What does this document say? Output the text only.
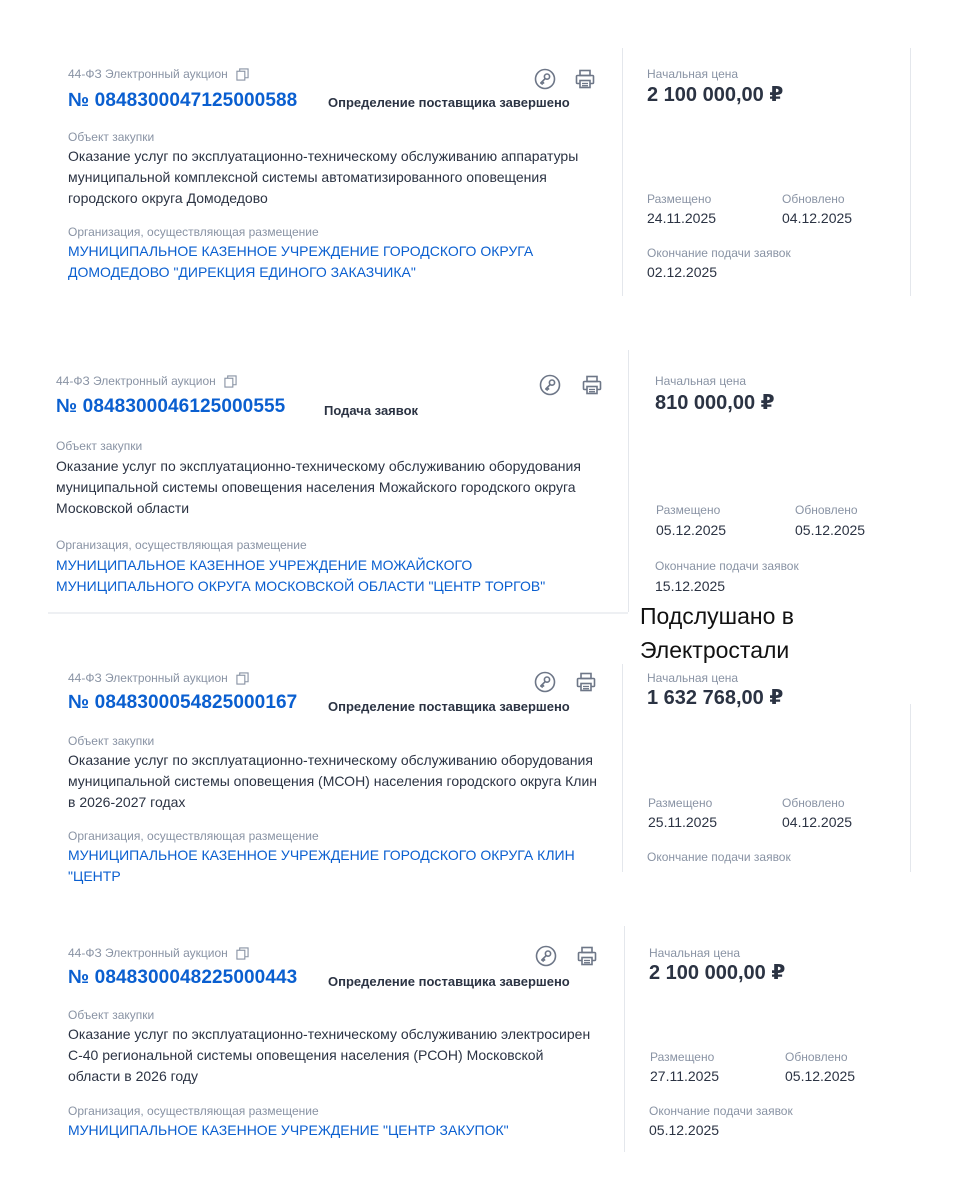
44-ФЗ Электронный аукцион
№ 0848300047125000588 Определение поставщика завершено
Объект закупки
Оказание услуг по эксплуатационно-техническому обслуживанию аппаратуры муниципальной комплексной системы автоматизированного оповещения городского округа Домодедово
Организация, осуществляющая размещение
МУНИЦИПАЛЬНОЕ КАЗЕННОЕ УЧРЕЖДЕНИЕ ГОРОДСКОГО ОКРУГА ДОМОДЕДОВО "ДИРЕКЦИЯ ЕДИНОГО ЗАКАЗЧИКА"
Начальная цена
2 100 000,00 ₽
Размещено
24.11.2025
Обновлено
04.12.2025
Окончание подачи заявок
02.12.2025
44-ФЗ Электронный аукцион
№ 0848300046125000555	Подача заявок
Объект закупки
Оказание услуг по эксплуатационно-техническому обслуживанию оборудования муниципальной системы оповещения населения Можайского городского округа Московской области
Организация, осуществляющая размещение
МУНИЦИПАЛЬНОЕ КАЗЕННОЕ УЧРЕЖДЕНИЕ МОЖАЙСКОГО МУНИЦИПАЛЬНОГО ОКРУГА МОСКОВСКОЙ ОБЛАСТИ "ЦЕНТР ТОРГОВ"
Начальная цена
810 000,00 ₽
Размещено
05.12.2025
Обновлено
05.12.2025
Окончание подачи заявок
15.12.2025
44-ФЗ Электронный аукцион
№ 0848300054825000167 Определение поставщика завершено
Объект закупки
Оказание услуг по эксплуатационно-техническому обслуживанию оборудования муниципальной системы оповещения (МСОН) населения городского округа Клин в 2026-2027 годах
Организация, осуществляющая размещение
МУНИЦИПАЛЬНОЕ КАЗЕННОЕ УЧРЕЖДЕНИЕ ГОРОДСКОГО ОКРУГА КЛИН "ЦЕНТР
Начальная цена
1 632 768,00 ₽
Размещено
25.11.2025
Обновлено
04.12.2025
Окончание подачи заявок
44-ФЗ Электронный аукцион
№ 0848300048225000443 Определение поставщика завершено
Объект закупки
Оказание услуг по эксплуатационно-техническому обслуживанию электросирен С-40 региональной системы оповещения населения (РСОН) Московской области в 2026 году
Организация, осуществляющая размещение
МУНИЦИПАЛЬНОЕ КАЗЕННОЕ УЧРЕЖДЕНИЕ "ЦЕНТР ЗАКУПОК"
Начальная цена
2 100 000,00 ₽
Размещено
27.11.2025
Обновлено
05.12.2025
Окончание подачи заявок
05.12.2025
Подслушано в
Электростали
